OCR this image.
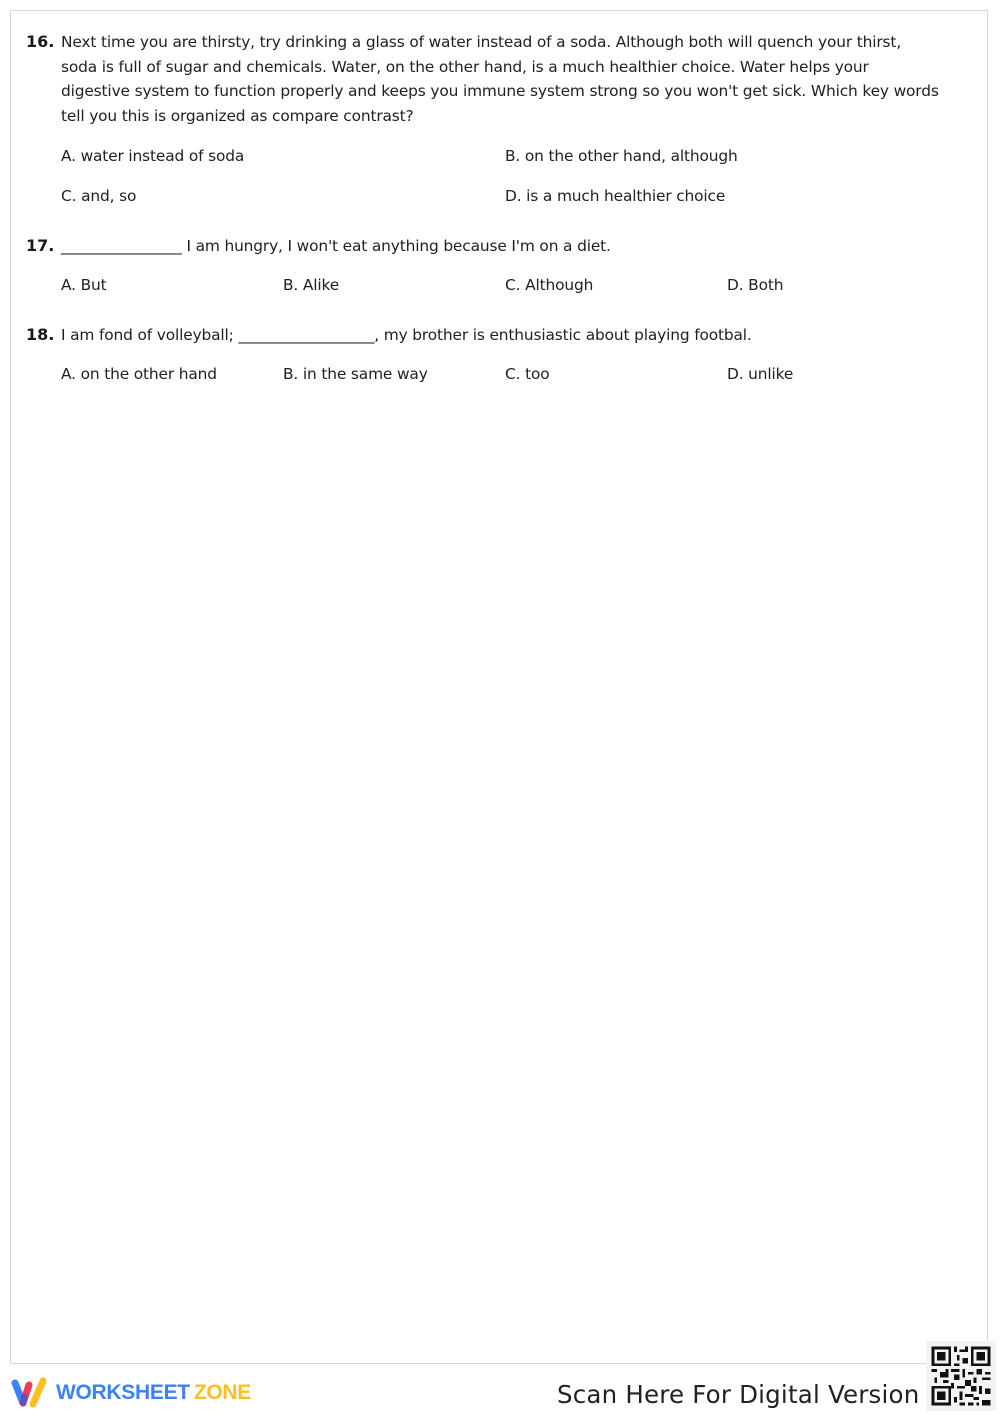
16. Next time you are thirsty, try drinking a glass of water instead of a soda. Although both will quench your thirst, soda is full of sugar and chemicals. Water, on the other hand, is a much healthier choice. Water helps your digestive system to function properly and keeps you immune system strong so you won't get sick. Which key words tell you this is organized as compare contrast?
A. water instead of soda	B. on the other hand, although
C. and, so	D. is a much healthier choice
17. ________________ I am hungry, I won't eat anything because I'm on a diet.
A. But	B. Alike	C. Although	D. Both
18. I am fond of volleyball; __________________, my brother is enthusiastic about playing footbal.
A. on the other hand	B. in the same way	C. too	D. unlike
WORKSHEET ZONE	Scan Here For Digital Version
